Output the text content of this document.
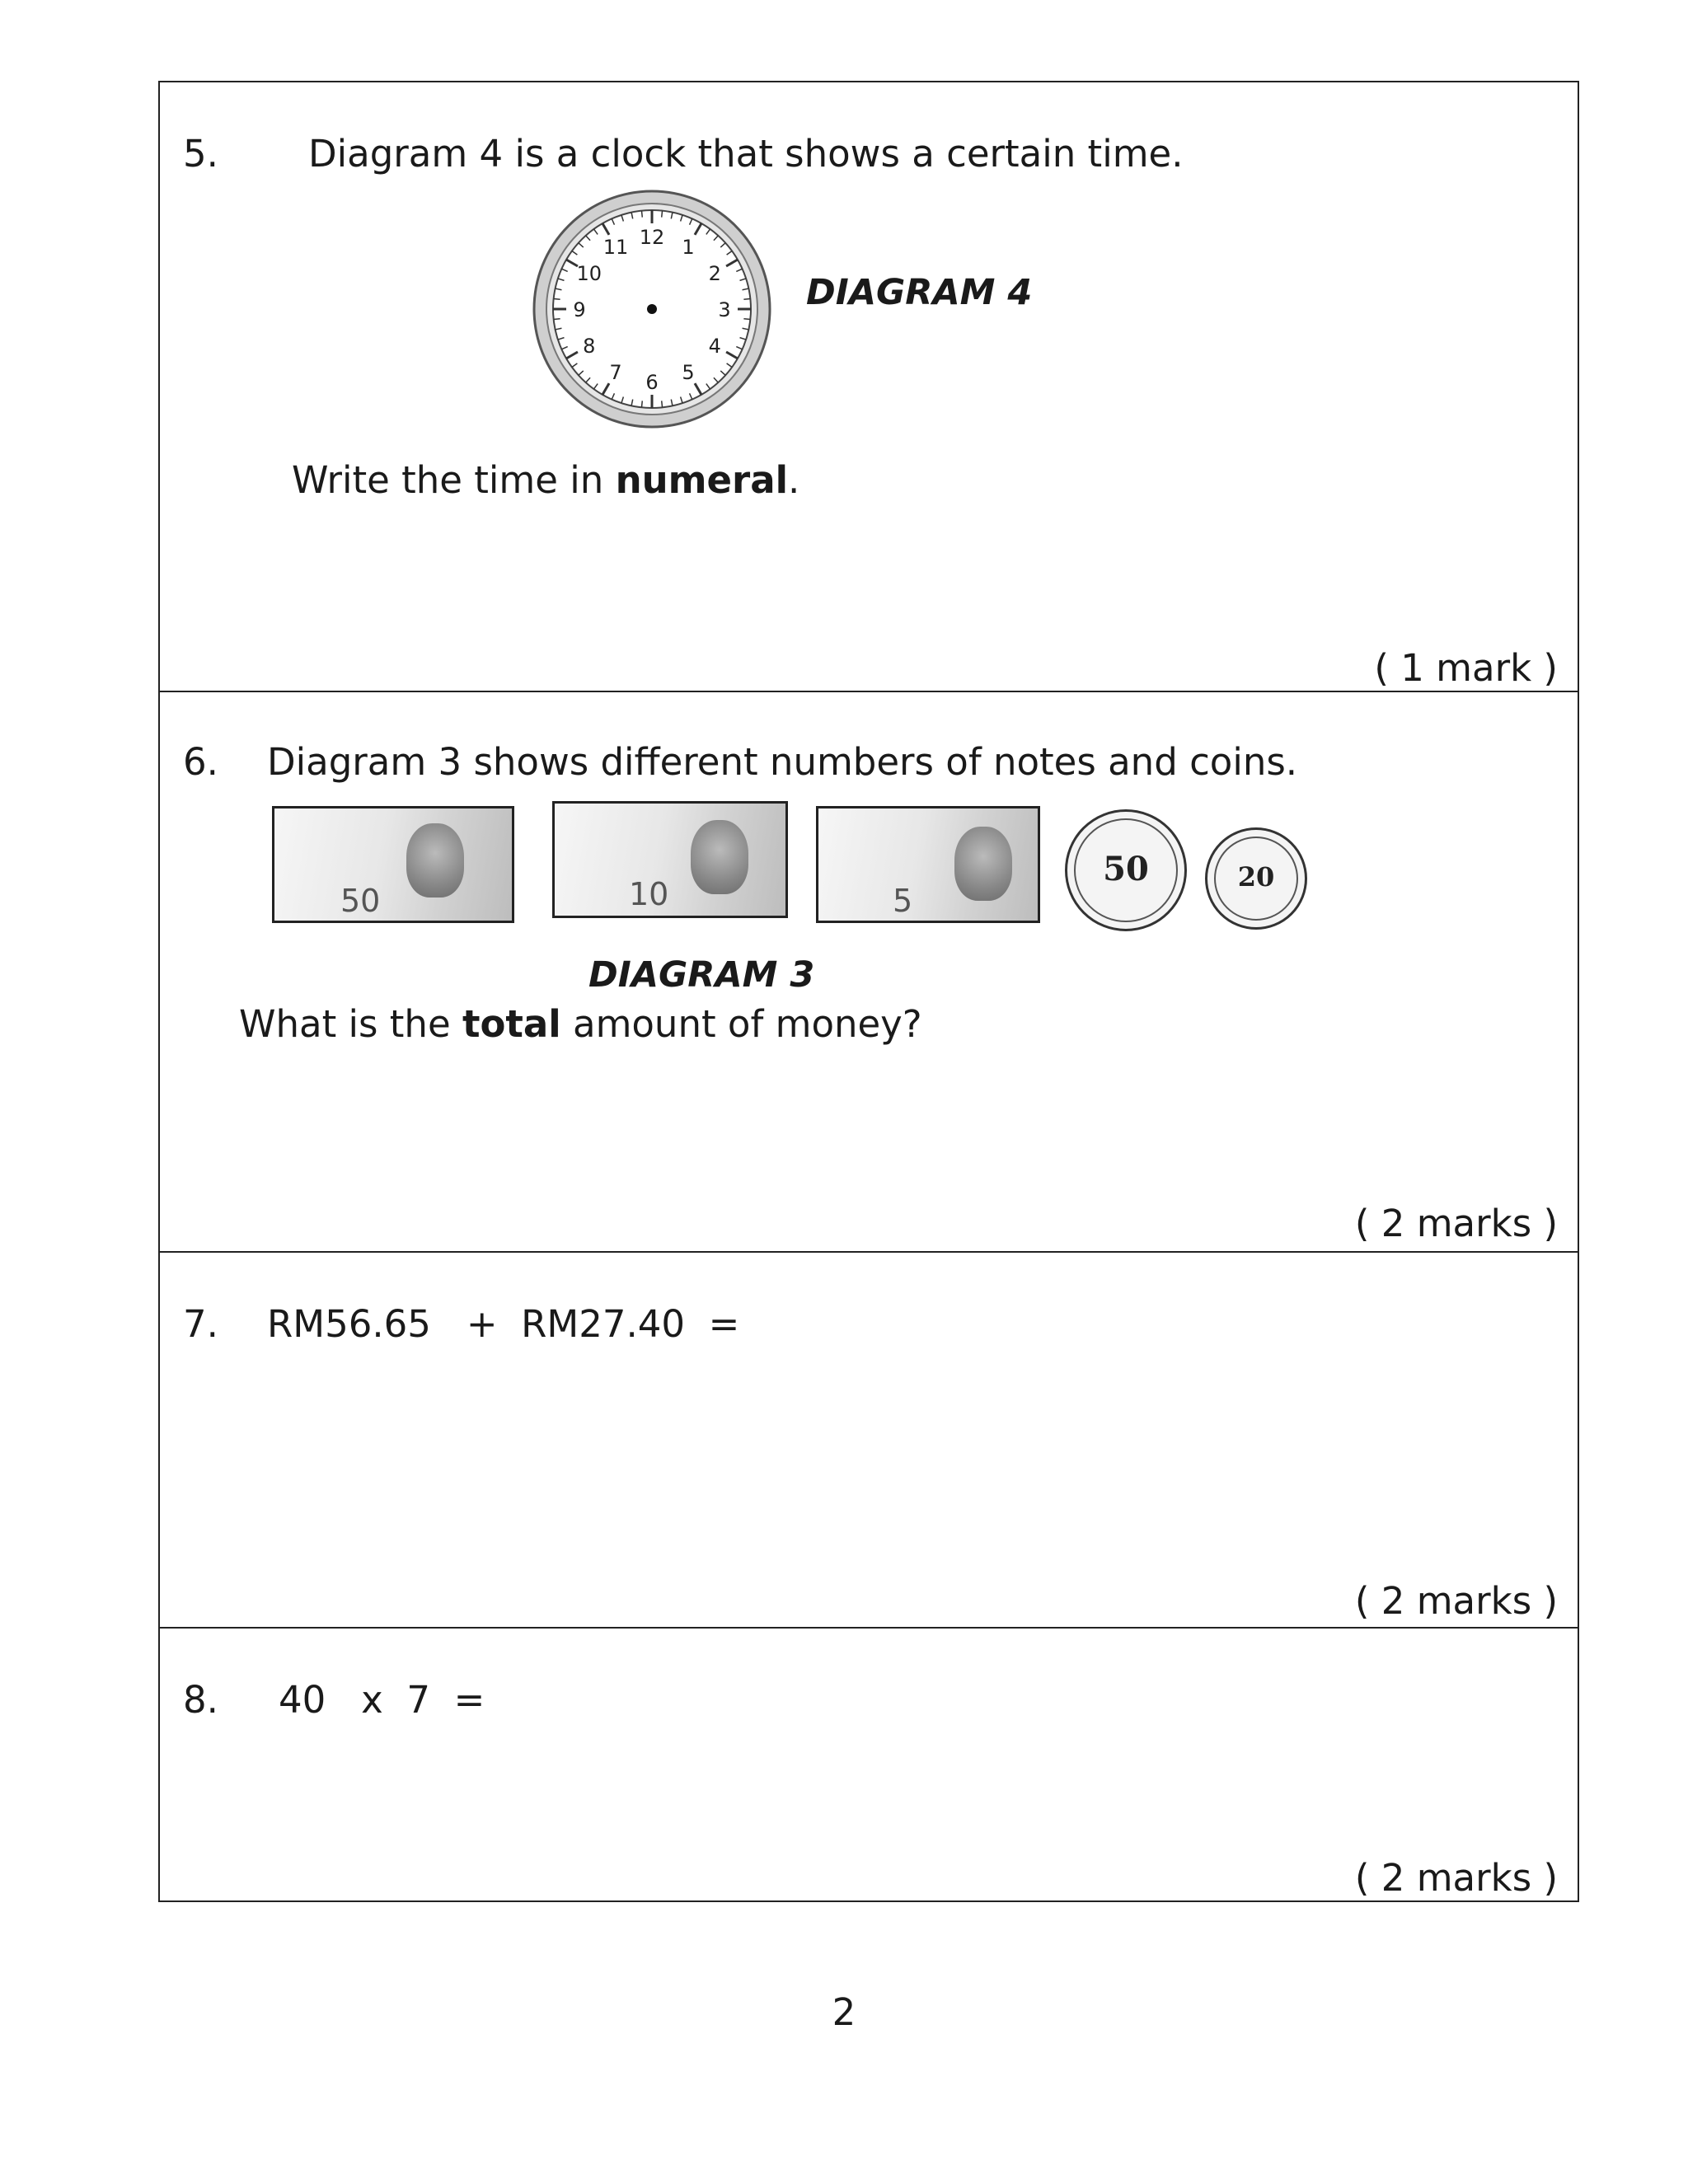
5. Diagram 4 is a clock that shows a certain time.
12 1
2
3
4
5
6
7
8
9
10
11
DIAGRAM 4
Write the time in numeral.
( 1 mark )
6. Diagram 3 shows different numbers of notes and coins.
50	10	5
50	20
DIAGRAM 3
What is the total amount of money?
( 2 marks )
7. RM56.65   +  RM27.40  =
( 2 marks )
8. 40   x  7  =
( 2 marks )
2
